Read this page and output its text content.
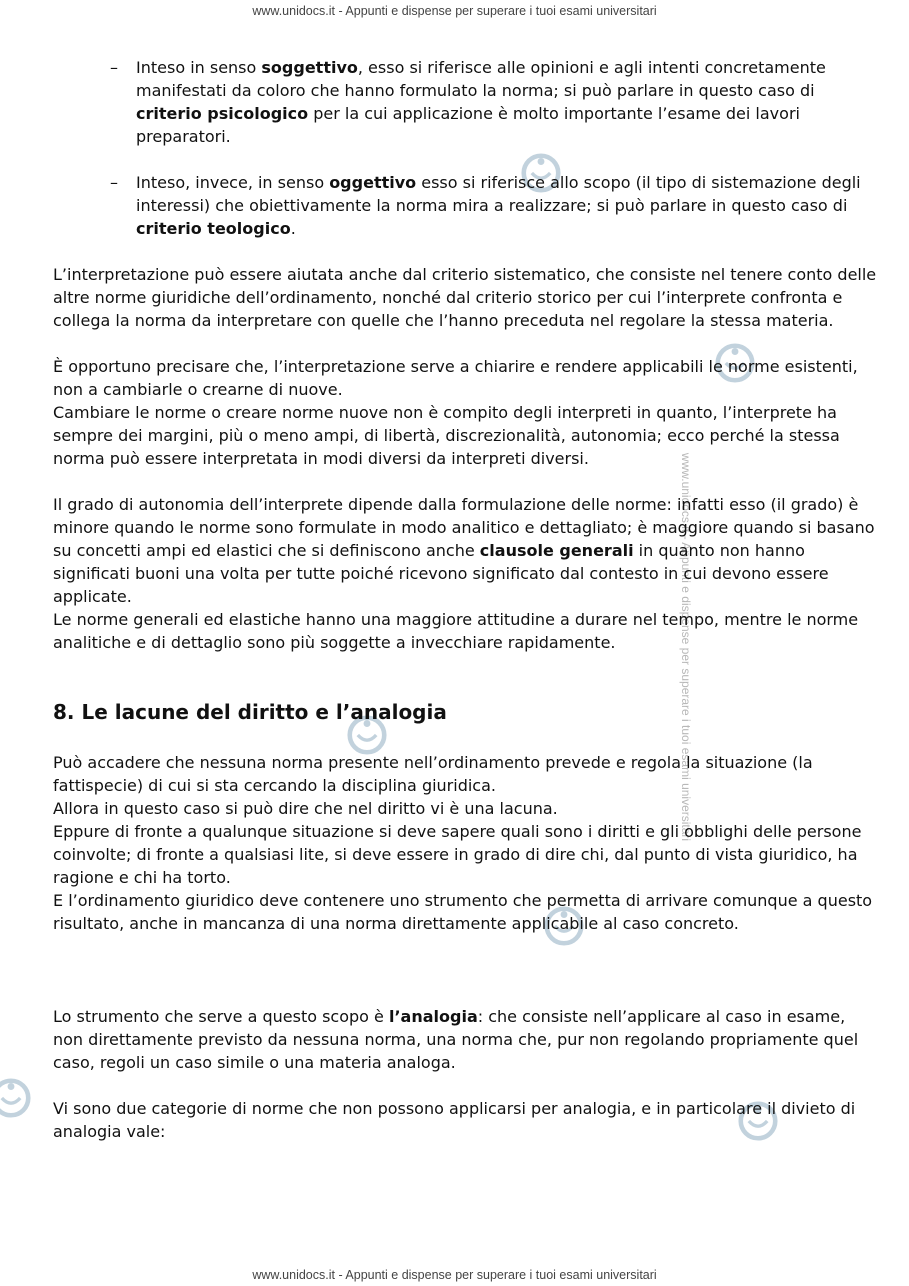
www.unidocs.it - Appunti e dispense per superare i tuoi esami universitari
www.unidocs.it - Appunti e dispense per superare i tuoi esami universitari
www.unidocs.it - Appunti e dispense per superare i tuoi esami universitari
– Inteso in senso soggettivo, esso si riferisce alle opinioni e agli intenti concretamente manifestati da coloro che hanno formulato la norma; si può parlare in questo caso di criterio psicologico per la cui applicazione è molto importante l’esame dei lavori preparatori.
– Inteso, invece, in senso oggettivo esso si riferisce allo scopo (il tipo di sistemazione degli interessi) che obiettivamente la norma mira a realizzare; si può parlare in questo caso di criterio teologico.

L’interpretazione può essere aiutata anche dal criterio sistematico, che consiste nel tenere conto delle altre norme giuridiche dell’ordinamento, nonché dal criterio storico per cui l’interprete confronta e collega la norma da interpretare con quelle che l’hanno preceduta nel regolare la stessa materia.

È opportuno precisare che, l’interpretazione serve a chiarire e rendere applicabili le norme esistenti, non a cambiarle o crearne di nuove.

Cambiare le norme o creare norme nuove non è compito degli interpreti in quanto, l’interprete ha sempre dei margini, più o meno ampi, di libertà, discrezionalità, autonomia; ecco perché la stessa norma può essere interpretata in modi diversi da interpreti diversi.

Il grado di autonomia dell’interprete dipende dalla formulazione delle norme: infatti esso (il grado) è minore quando le norme sono formulate in modo analitico e dettagliato; è maggiore quando si basano su concetti ampi ed elastici che si definiscono anche clausole generali in quanto non hanno significati buoni una volta per tutte poiché ricevono significato dal contesto in cui devono essere applicate.

Le norme generali ed elastiche hanno una maggiore attitudine a durare nel tempo, mentre le norme analitiche e di dettaglio sono più soggette a invecchiare rapidamente.

8. Le lacune del diritto e l’analogia

Può accadere che nessuna norma presente nell’ordinamento prevede e regola la situazione (la fattispecie) di cui si sta cercando la disciplina giuridica.

Allora in questo caso si può dire che nel diritto vi è una lacuna.

Eppure di fronte a qualunque situazione si deve sapere quali sono i diritti e gli obblighi delle persone coinvolte; di fronte a qualsiasi lite, si deve essere in grado di dire chi, dal punto di vista giuridico, ha ragione e chi ha torto.

E l’ordinamento giuridico deve contenere uno strumento che permetta di arrivare comunque a questo risultato, anche in mancanza di una norma direttamente applicabile al caso concreto.

Lo strumento che serve a questo scopo è l’analogia: che consiste nell’applicare al caso in esame, non direttamente previsto da nessuna norma, una norma che, pur non regolando propriamente quel caso, regoli un caso simile o una materia analoga.

Vi sono due categorie di norme che non possono applicarsi per analogia, e in particolare il divieto di analogia vale:
